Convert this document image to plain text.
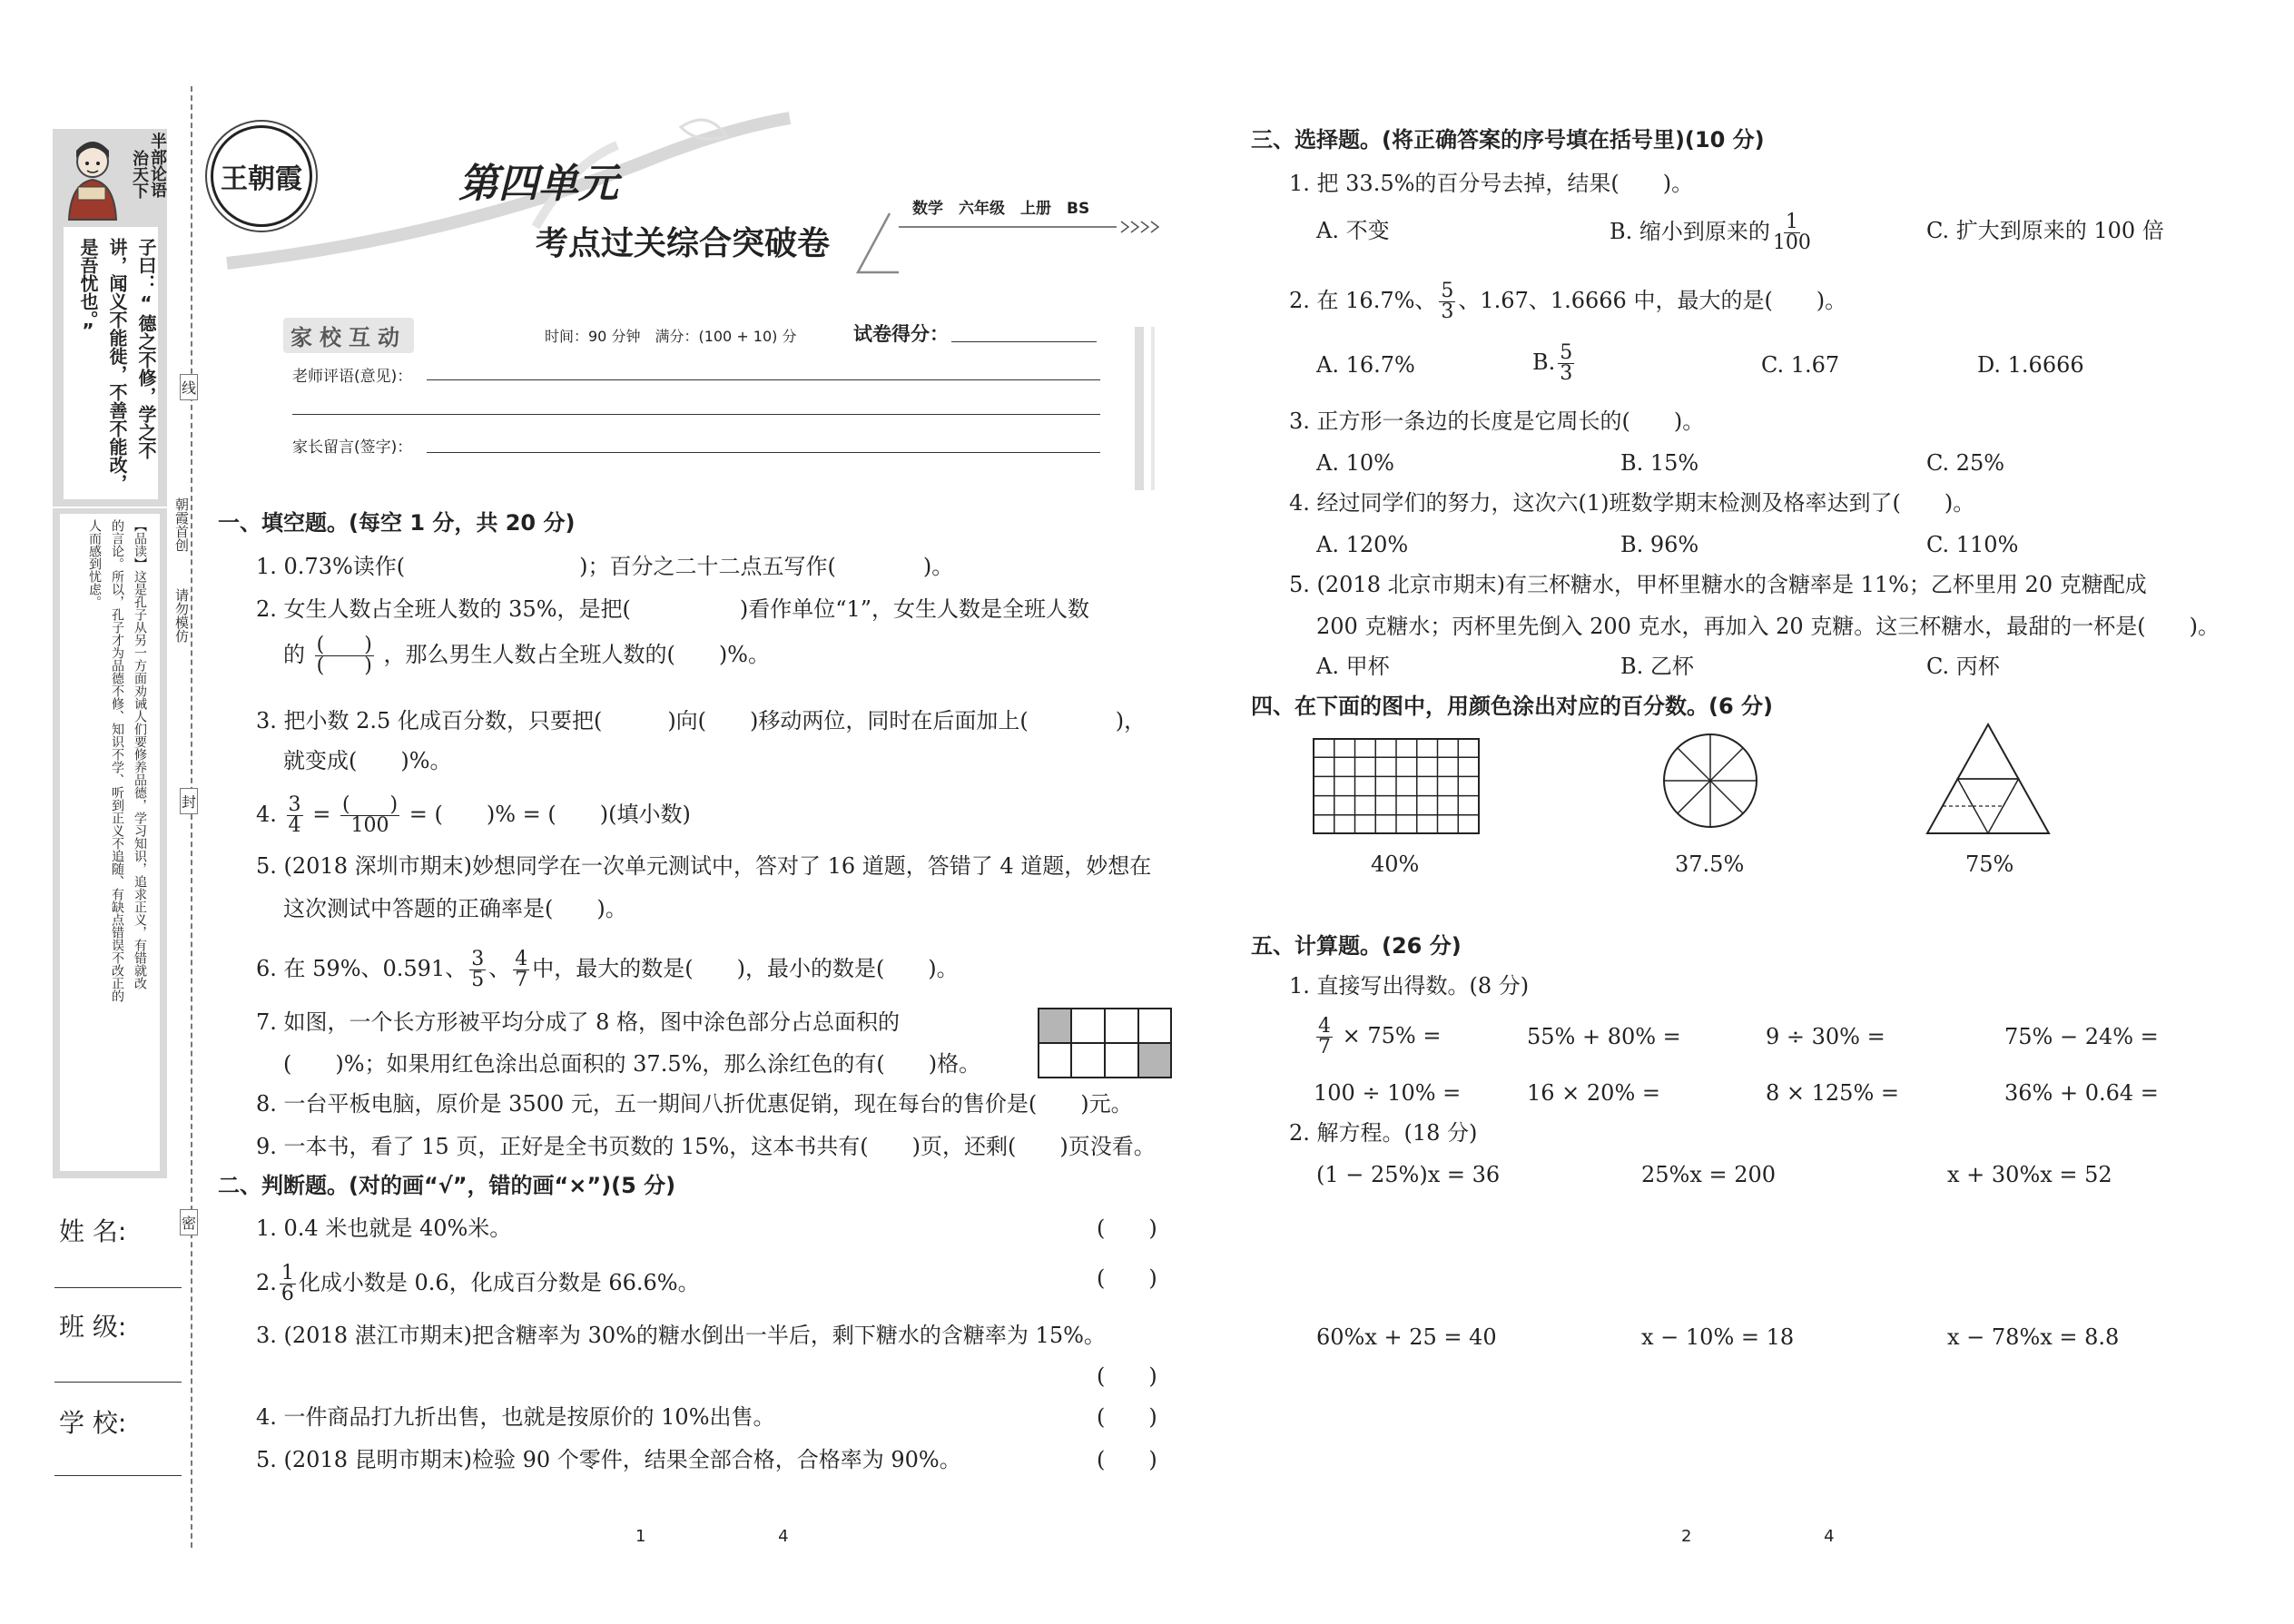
半部论语
治天下
子曰：“德之不修，学之不
讲，闻义不能徙，不善不能改，
是吾忧也。”
【品读】这是孔子从另一方面劝诫人们要修养品德，学习知识，追求正义，有错就改
的言论。所以，孔子才为品德不修、知识不学、听到正义不追随、有缺点错误不改正的
人而感到忧虑。
姓 名:
班 级:
学 校:
线
封
密
朝霞首创
请勿模仿
王朝霞	第四单元
考点过关综合突破卷
数学　六年级　上册　BS
家校互动	时间：90 分钟　满分：(100 + 10) 分	试卷得分：
老师评语(意见)：
家长留言(签字)：
一、填空题。(每空 1 分，共 20 分)
1. 0.73%读作(　　　　　　　　)；百分之二十二点五写作(　　　　)。
2. 女生人数占全班人数的 35%，是把(　　　　　)看作单位“1”，女生人数是全班人数
的 $\frac{( )}{( )}$ ，那么男生人数占全班人数的(　　)%。
3. 把小数 2.5 化成百分数，只要把(　　　)向(　　)移动两位，同时在后面加上(　　　　)，
就变成(　　)%。
4. $\frac{3}{4} = \frac{( )}{100}$ = (　　)% = (　　)(填小数)
5. (2018 深圳市期末)妙想同学在一次单元测试中，答对了 16 道题，答错了 4 道题，妙想在
这次测试中答题的正确率是(　　)。
6. 在 59%、0.591、 $\frac{3}{5}$ 、 $\frac{4}{7}$ 中，最大的数是(　　)，最小的数是(　　)。
7. 如图，一个长方形被平均分成了 8 格，图中涂色部分占总面积的
(　　)%；如果用红色涂出总面积的 37.5%，那么涂红色的有(　　)格。
8. 一台平板电脑，原价是 3500 元，五一期间八折优惠促销，现在每台的售价是(　　)元。
9. 一本书，看了 15 页，正好是全书页数的 15%，这本书共有(　　)页，还剩(　　)页没看。
二、判断题。(对的画“√”，错的画“×”)(5 分)
1. 0.4 米也就是 40%米。	(　　)
2. $\frac{1}{6}$ 化成小数是 0.6，化成百分数是 66.6%。	(　　)
3. (2018 湛江市期末)把含糖率为 30%的糖水倒出一半后，剩下糖水的含糖率为 15%。
(　　)
4. 一件商品打九折出售，也就是按原价的 10%出售。	(　　)
5. (2018 昆明市期末)检验 90 个零件，结果全部合格，合格率为 90%。	(　　)
1 4
三、选择题。(将正确答案的序号填在括号里)(10 分)
1. 把 33.5%的百分号去掉，结果(　　)。
A. 不变	B. 缩小到原来的 $\frac{1}{100}$	C. 扩大到原来的 100 倍
2. 在 16.7%、 $\frac{5}{3}$ 、1.67、1.6666 中，最大的是(　　)。
A. 16.7%	B. $\frac{5}{3}$	C. 1.67	D. 1.6666
3. 正方形一条边的长度是它周长的(　　)。
A. 10%	B. 15%	C. 25%
4. 经过同学们的努力，这次六(1)班数学期末检测及格率达到了(　　)。
A. 120%	B. 96%	C. 110%
5. (2018 北京市期末)有三杯糖水，甲杯里糖水的含糖率是 11%；乙杯里用 20 克糖配成
200 克糖水；丙杯里先倒入 200 克水，再加入 20 克糖。这三杯糖水，最甜的一杯是(　　)。
A. 甲杯	B. 乙杯	C. 丙杯
四、在下面的图中，用颜色涂出对应的百分数。(6 分)
40%	37.5%	75%
五、计算题。(26 分)
1. 直接写出得数。(8 分)
$\frac{4}{7} \times 75\%$ =	55% + 80% =	9 ÷ 30% =	75% − 24% =
100 ÷ 10% =	16 × 20% =	8 × 125% =	36% + 0.64 =
2. 解方程。(18 分)
(1 − 25%)x = 36	25%x = 200	x + 30%x = 52
60%x + 25 = 40	x − 10% = 18	x − 78%x = 8.8
2 4
